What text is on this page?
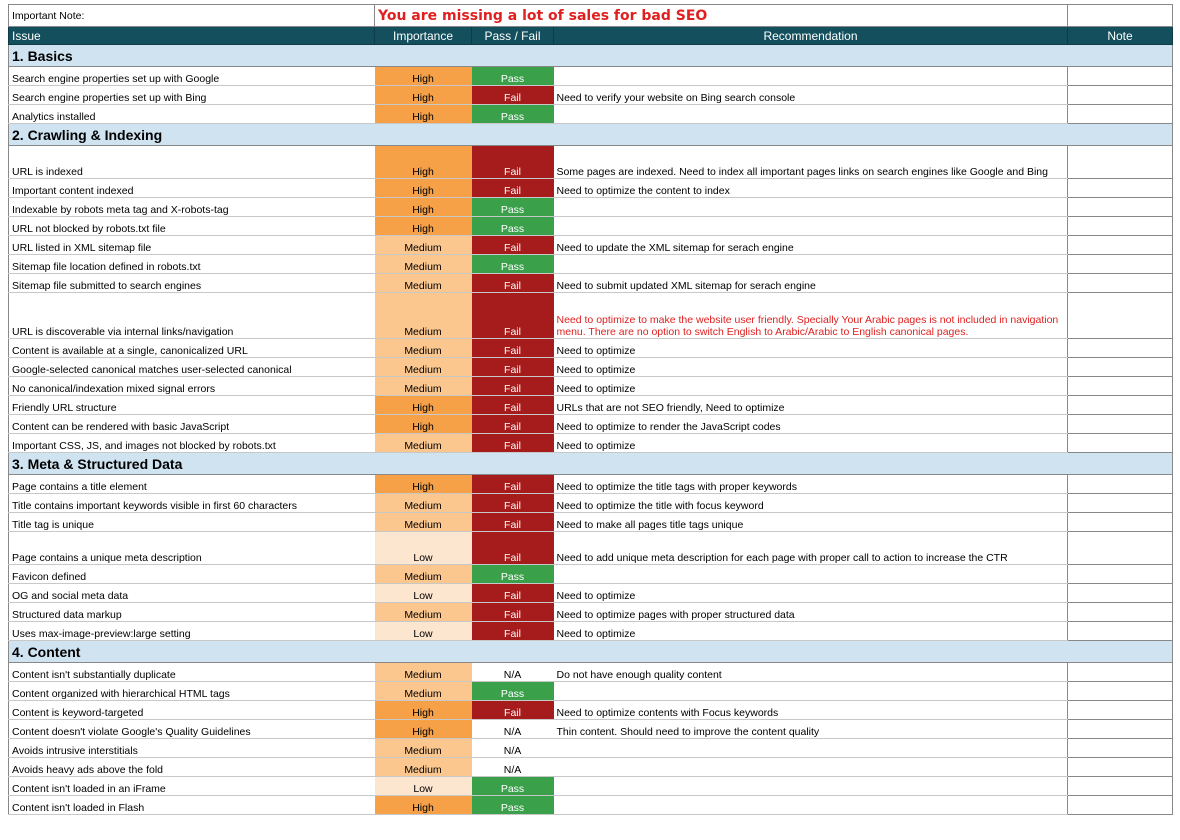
Important Note:	You are missing a lot of sales for bad SEO			
Issue	Importance	Pass / Fail	Recommendation	Note
1. Basics				
Search engine properties set up with Google	High	Pass		
Search engine properties set up with Bing	High	Fail	Need to verify your website on Bing search console	
Analytics installed	High	Pass		
2. Crawling & Indexing				
URL is indexed	High	Fail	Some pages are indexed. Need to index all important pages links on search engines like Google and Bing	
Important content indexed	High	Fail	Need to optimize the content to index	
Indexable by robots meta tag and X-robots-tag	High	Pass		
URL not blocked by robots.txt file	High	Pass		
URL listed in XML sitemap file	Medium	Fail	Need to update the XML sitemap for serach engine	
Sitemap file location defined in robots.txt	Medium	Pass		
Sitemap file submitted to search engines	Medium	Fail	Need to submit updated XML sitemap for serach engine	
URL is discoverable via internal links/navigation	Medium	Fail	Need to optimize to make the website user friendly. Specially Your Arabic pages is not included in navigation menu. There are no option to switch English to Arabic/Arabic to English canonical pages.	
Content is available at a single, canonicalized URL	Medium	Fail	Need to optimize	
Google-selected canonical matches user-selected canonical	Medium	Fail	Need to optimize	
No canonical/indexation mixed signal errors	Medium	Fail	Need to optimize	
Friendly URL structure	High	Fail	URLs that are not SEO friendly, Need to optimize	
Content can be rendered with basic JavaScript	High	Fail	Need to optimize to render the JavaScript codes	
Important CSS, JS, and images not blocked by robots.txt	Medium	Fail	Need to optimize	
3. Meta & Structured Data				
Page contains a title element	High	Fail	Need to optimize the title tags with proper keywords	
Title contains important keywords visible in first 60 characters	Medium	Fail	Need to optimize the title with focus keyword	
Title tag is unique	Medium	Fail	Need to make all pages title tags unique	
Page contains a unique meta description	Low	Fail	Need to add unique meta description for each page with proper call to action to increase the CTR	
Favicon defined	Medium	Pass		
OG and social meta data	Low	Fail	Need to optimize	
Structured data markup	Medium	Fail	Need to optimize pages with proper structured data	
Uses max-image-preview:large setting	Low	Fail	Need to optimize	
4. Content				
Content isn't substantially duplicate	Medium	N/A	Do not have enough quality content	
Content organized with hierarchical HTML tags	Medium	Pass		
Content is keyword-targeted	High	Fail	Need to optimize contents with Focus keywords	
Content doesn't violate Google's Quality Guidelines	High	N/A	Thin content. Should need to improve the content quality	
Avoids intrusive interstitials	Medium	N/A		
Avoids heavy ads above the fold	Medium	N/A		
Content isn't loaded in an iFrame	Low	Pass		
Content isn't loaded in Flash	High	Pass		
